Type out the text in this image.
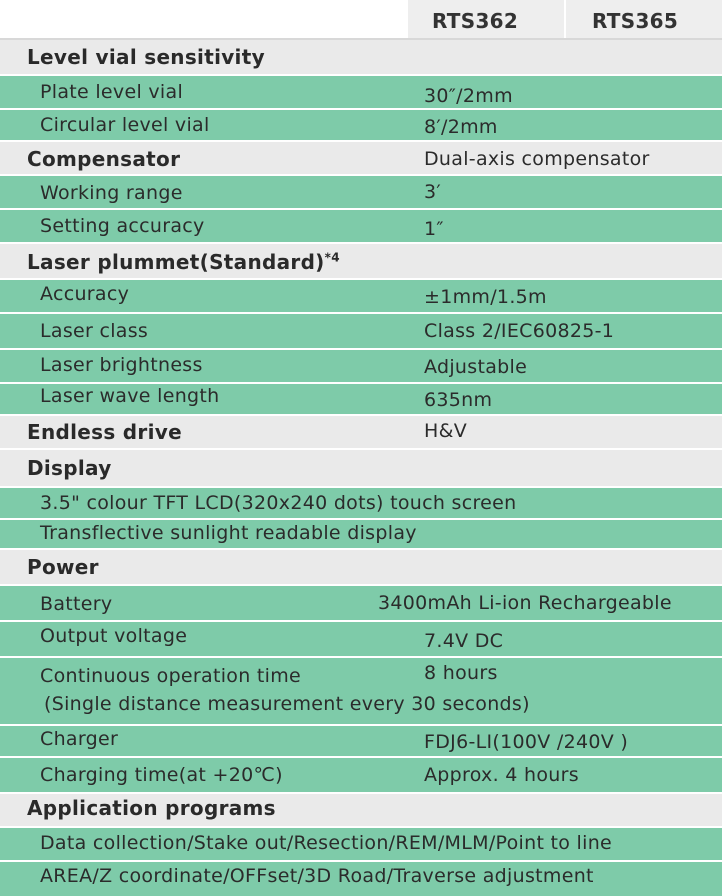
RTS362	RTS365
Level vial sensitivity
Plate level vial	30″/2mm
Circular level vial	8′/2mm
Compensator	Dual-axis compensator
Working range	3′
Setting accuracy	1″
Laser plummet(Standard)$^{*4}$
Accuracy	±1mm/1.5m
Laser class	Class 2/IEC60825-1
Laser brightness	Adjustable
Laser wave length	635nm
Endless drive	H&V
Display
3.5" colour TFT LCD(320x240 dots) touch screen
Transflective sunlight readable display
Power
Battery	3400mAh Li-ion Rechargeable
Output voltage	7.4V DC
Continuous operation time	8 hours
(Single distance measurement every 30 seconds)
Charger	FDJ6-LI(100V /240V )
Charging time(at +20℃)	Approx. 4 hours
Application programs
Data collection/Stake out/Resection/REM/MLM/Point to line
AREA/Z coordinate/OFFset/3D Road/Traverse adjustment
